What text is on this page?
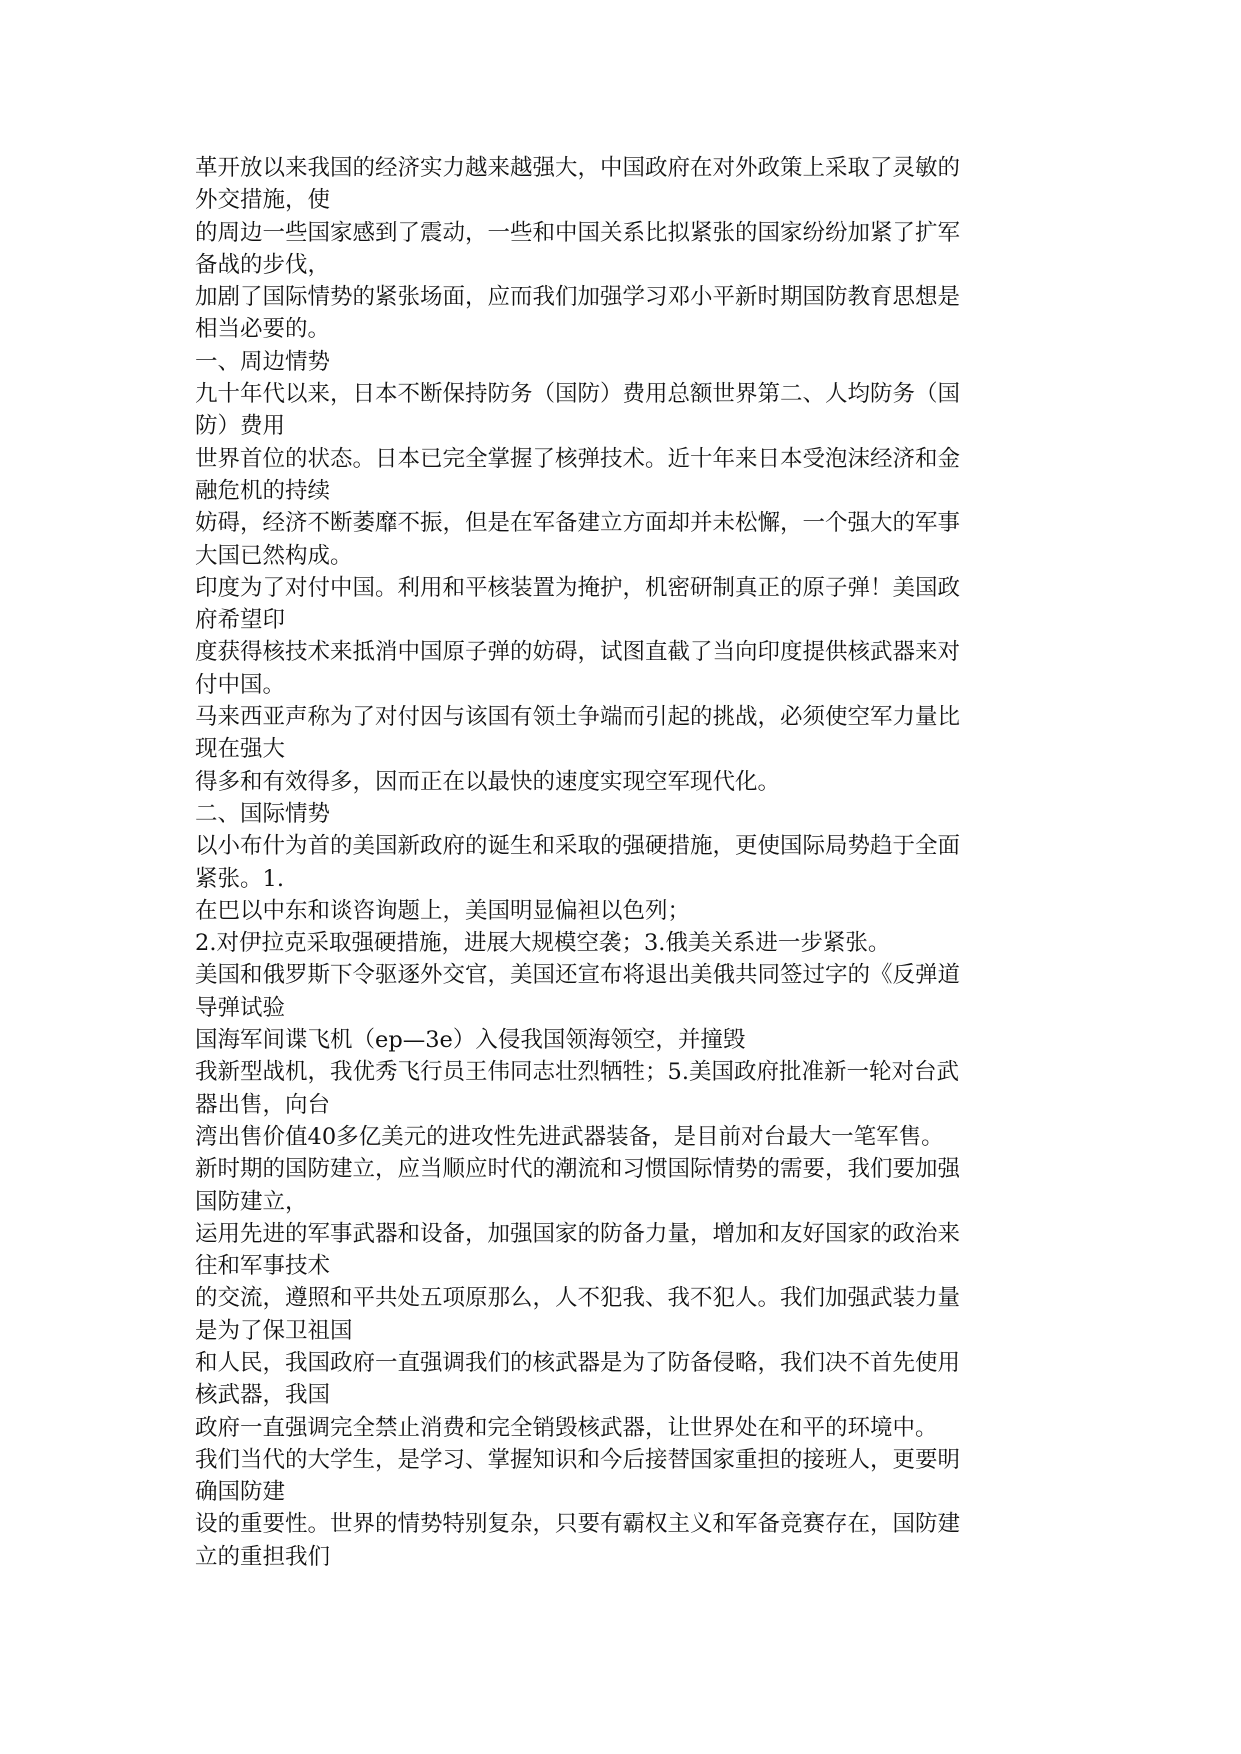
革开放以来我国的经济实力越来越强大，中国政府在对外政策上采取了灵敏的
外交措施，使
的周边一些国家感到了震动，一些和中国关系比拟紧张的国家纷纷加紧了扩军
备战的步伐，
加剧了国际情势的紧张场面，应而我们加强学习邓小平新时期国防教育思想是
相当必要的。
一、周边情势
九十年代以来，日本不断保持防务（国防）费用总额世界第二、人均防务（国
防）费用
世界首位的状态。日本已完全掌握了核弹技术。近十年来日本受泡沫经济和金
融危机的持续
妨碍，经济不断萎靡不振，但是在军备建立方面却并未松懈，一个强大的军事
大国已然构成。
印度为了对付中国。利用和平核装置为掩护，机密研制真正的原子弹！美国政
府希望印
度获得核技术来抵消中国原子弹的妨碍，试图直截了当向印度提供核武器来对
付中国。
马来西亚声称为了对付因与该国有领土争端而引起的挑战，必须使空军力量比
现在强大
得多和有效得多，因而正在以最快的速度实现空军现代化。
二、国际情势
以小布什为首的美国新政府的诞生和采取的强硬措施，更使国际局势趋于全面
紧张。1.
在巴以中东和谈咨询题上，美国明显偏袒以色列；
2.对伊拉克采取强硬措施，进展大规模空袭；3.俄美关系进一步紧张。
美国和俄罗斯下令驱逐外交官，美国还宣布将退出美俄共同签过字的《反弹道
导弹试验
国海军间谍飞机（ep—3e）入侵我国领海领空，并撞毁
我新型战机，我优秀飞行员王伟同志壮烈牺牲；5.美国政府批准新一轮对台武
器出售，向台
湾出售价值40多亿美元的进攻性先进武器装备，是目前对台最大一笔军售。
新时期的国防建立，应当顺应时代的潮流和习惯国际情势的需要，我们要加强
国防建立，
运用先进的军事武器和设备，加强国家的防备力量，增加和友好国家的政治来
往和军事技术
的交流，遵照和平共处五项原那么，人不犯我、我不犯人。我们加强武装力量
是为了保卫祖国
和人民，我国政府一直强调我们的核武器是为了防备侵略，我们决不首先使用
核武器，我国
政府一直强调完全禁止消费和完全销毁核武器，让世界处在和平的环境中。
我们当代的大学生，是学习、掌握知识和今后接替国家重担的接班人，更要明
确国防建
设的重要性。世界的情势特别复杂，只要有霸权主义和军备竞赛存在，国防建
立的重担我们
